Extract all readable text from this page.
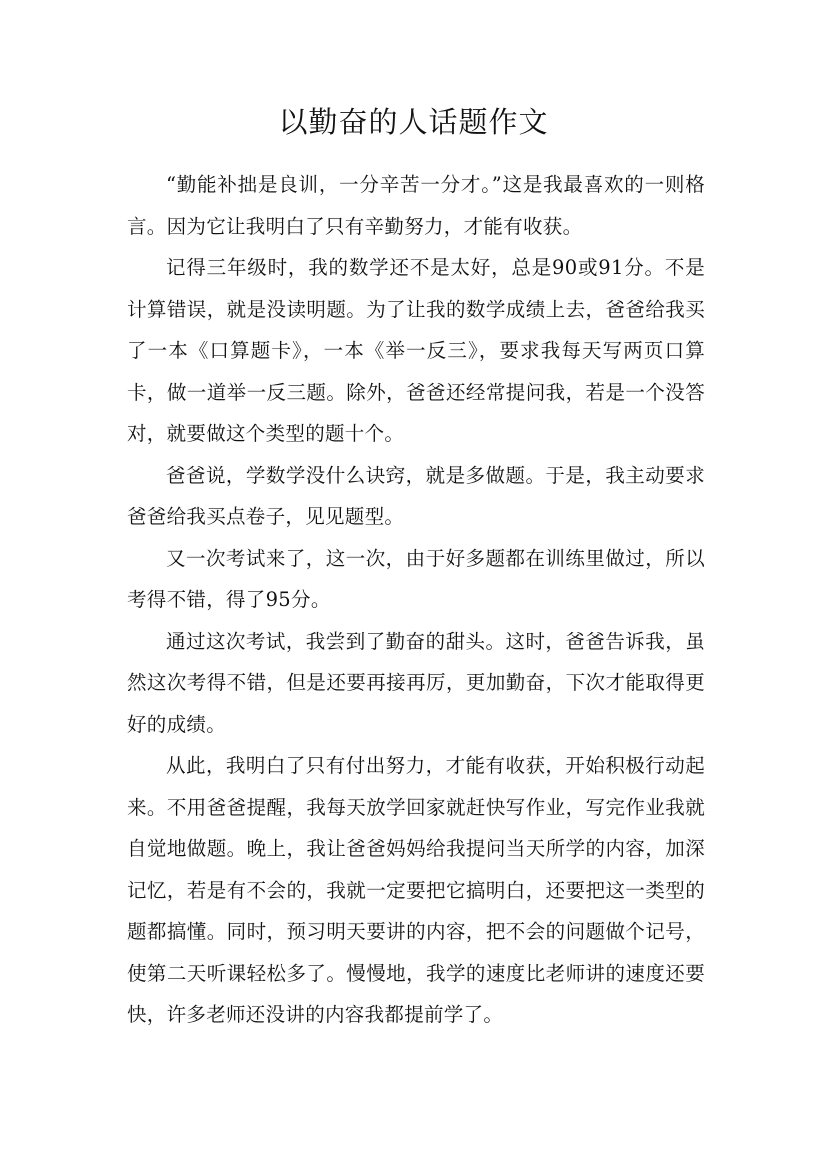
以勤奋的人话题作文

“勤能补拙是良训，一分辛苦一分才。”这是我最喜欢的一则格言。因为它让我明白了只有辛勤努力，才能有收获。

记得三年级时，我的数学还不是太好，总是90或91分。不是计算错误，就是没读明题。为了让我的数学成绩上去，爸爸给我买了一本《口算题卡》，一本《举一反三》，要求我每天写两页口算卡，做一道举一反三题。除外，爸爸还经常提问我，若是一个没答对，就要做这个类型的题十个。

爸爸说，学数学没什么诀窍，就是多做题。于是，我主动要求爸爸给我买点卷子，见见题型。

又一次考试来了，这一次，由于好多题都在训练里做过，所以考得不错，得了95分。

通过这次考试，我尝到了勤奋的甜头。这时，爸爸告诉我，虽然这次考得不错，但是还要再接再厉，更加勤奋，下次才能取得更好的成绩。

从此，我明白了只有付出努力，才能有收获，开始积极行动起来。不用爸爸提醒，我每天放学回家就赶快写作业，写完作业我就自觉地做题。晚上，我让爸爸妈妈给我提问当天所学的内容，加深记忆，若是有不会的，我就一定要把它搞明白，还要把这一类型的题都搞懂。同时，预习明天要讲的内容，把不会的问题做个记号，使第二天听课轻松多了。慢慢地，我学的速度比老师讲的速度还要快，许多老师还没讲的内容我都提前学了。
